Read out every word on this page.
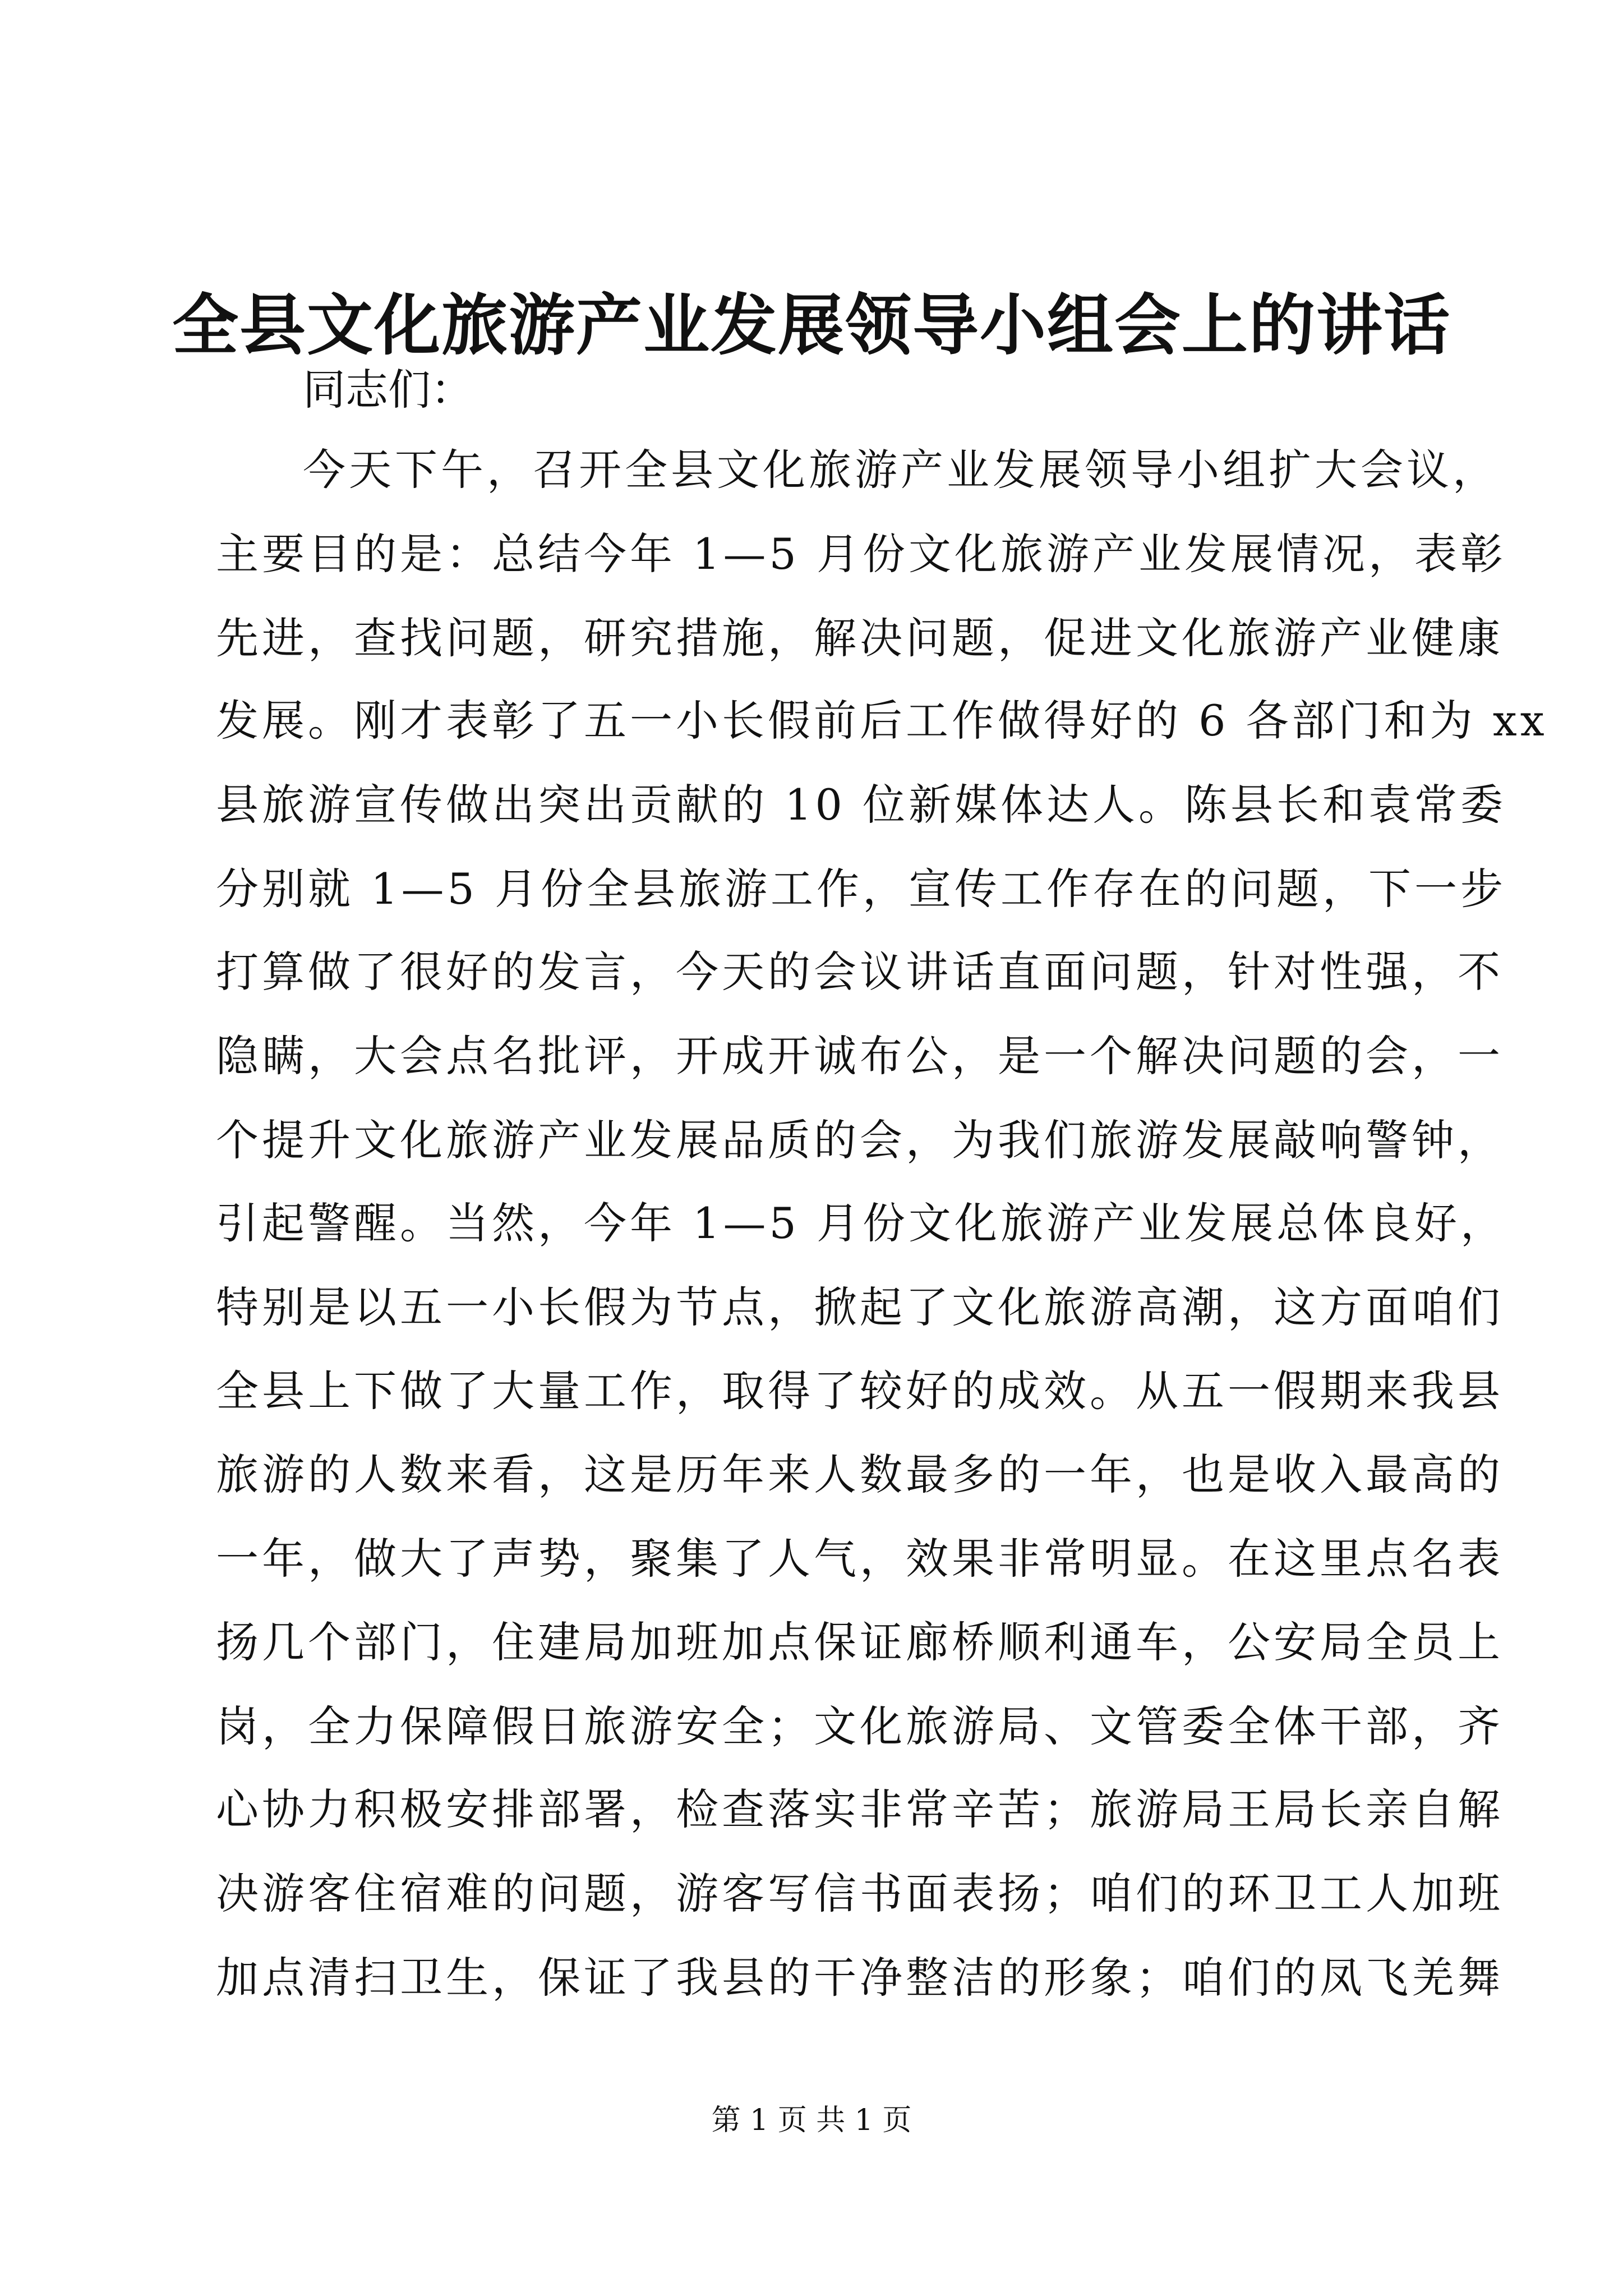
全县文化旅游产业发展领导小组会上的讲话
同志们：
今天下午，召开全县文化旅游产业发展领导小组扩大会议，
主要目的是：总结今年 1—5 月份文化旅游产业发展情况，表彰
先进，查找问题，研究措施，解决问题，促进文化旅游产业健康
发展。刚才表彰了五一小长假前后工作做得好的 6 各部门和为 xx
县旅游宣传做出突出贡献的 10 位新媒体达人。陈县长和袁常委
分别就 1—5 月份全县旅游工作，宣传工作存在的问题，下一步
打算做了很好的发言，今天的会议讲话直面问题，针对性强，不
隐瞒，大会点名批评，开成开诚布公，是一个解决问题的会，一
个提升文化旅游产业发展品质的会，为我们旅游发展敲响警钟，
引起警醒。当然，今年 1—5 月份文化旅游产业发展总体良好，
特别是以五一小长假为节点，掀起了文化旅游高潮，这方面咱们
全县上下做了大量工作，取得了较好的成效。从五一假期来我县
旅游的人数来看，这是历年来人数最多的一年，也是收入最高的
一年，做大了声势，聚集了人气，效果非常明显。在这里点名表
扬几个部门，住建局加班加点保证廊桥顺利通车，公安局全员上
岗，全力保障假日旅游安全；文化旅游局、文管委全体干部，齐
心协力积极安排部署，检查落实非常辛苦；旅游局王局长亲自解
决游客住宿难的问题，游客写信书面表扬；咱们的环卫工人加班
加点清扫卫生，保证了我县的干净整洁的形象；咱们的凤飞羌舞
第 1 页 共 1 页
